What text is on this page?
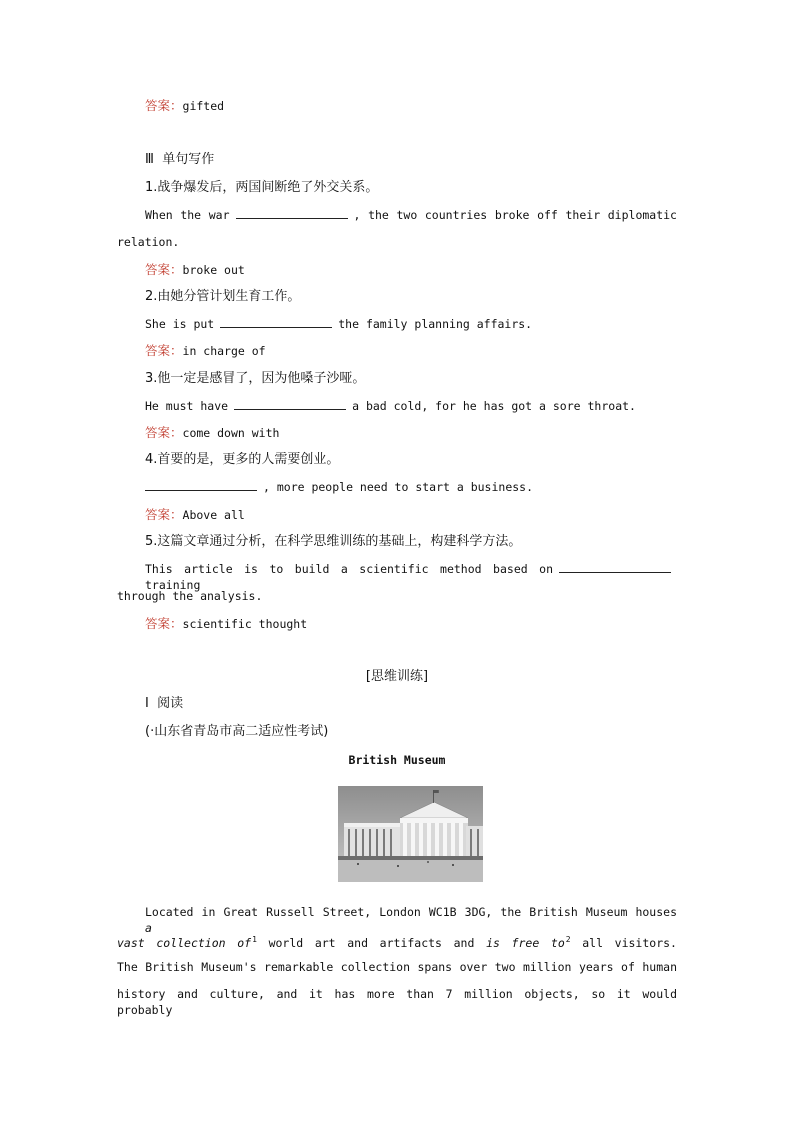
答案：gifted
Ⅲ 单句写作
1.战争爆发后，两国间断绝了外交关系。
When the war	, the two countries broke off their diplomatic
relation.
答案：broke out
2.由她分管计划生育工作。
She is put	the family planning affairs.
答案：in charge of
3.他一定是感冒了，因为他嗓子沙哑。
He must have	a bad cold, for he has got a sore throat.
答案：come down with
4.首要的是，更多的人需要创业。
, more people need to start a business.
答案：Above all
5.这篇文章通过分析，在科学思维训练的基础上，构建科学方法。
This article is to build a scientific method based ontraining
through the analysis.
答案：scientific thought
[思维训练]
Ⅰ 阅读
(·山东省青岛市高二适应性考试)
British Museum
Located in Great Russell Street, London WC1B 3DG, the British Museum houses a
vast collection $of^1$ world art and artifacts and is free $to^2$ all visitors.
The British Museum's remarkable collection spans over two million years of human
history and culture, and it has more than 7 million objects, so it would probably
